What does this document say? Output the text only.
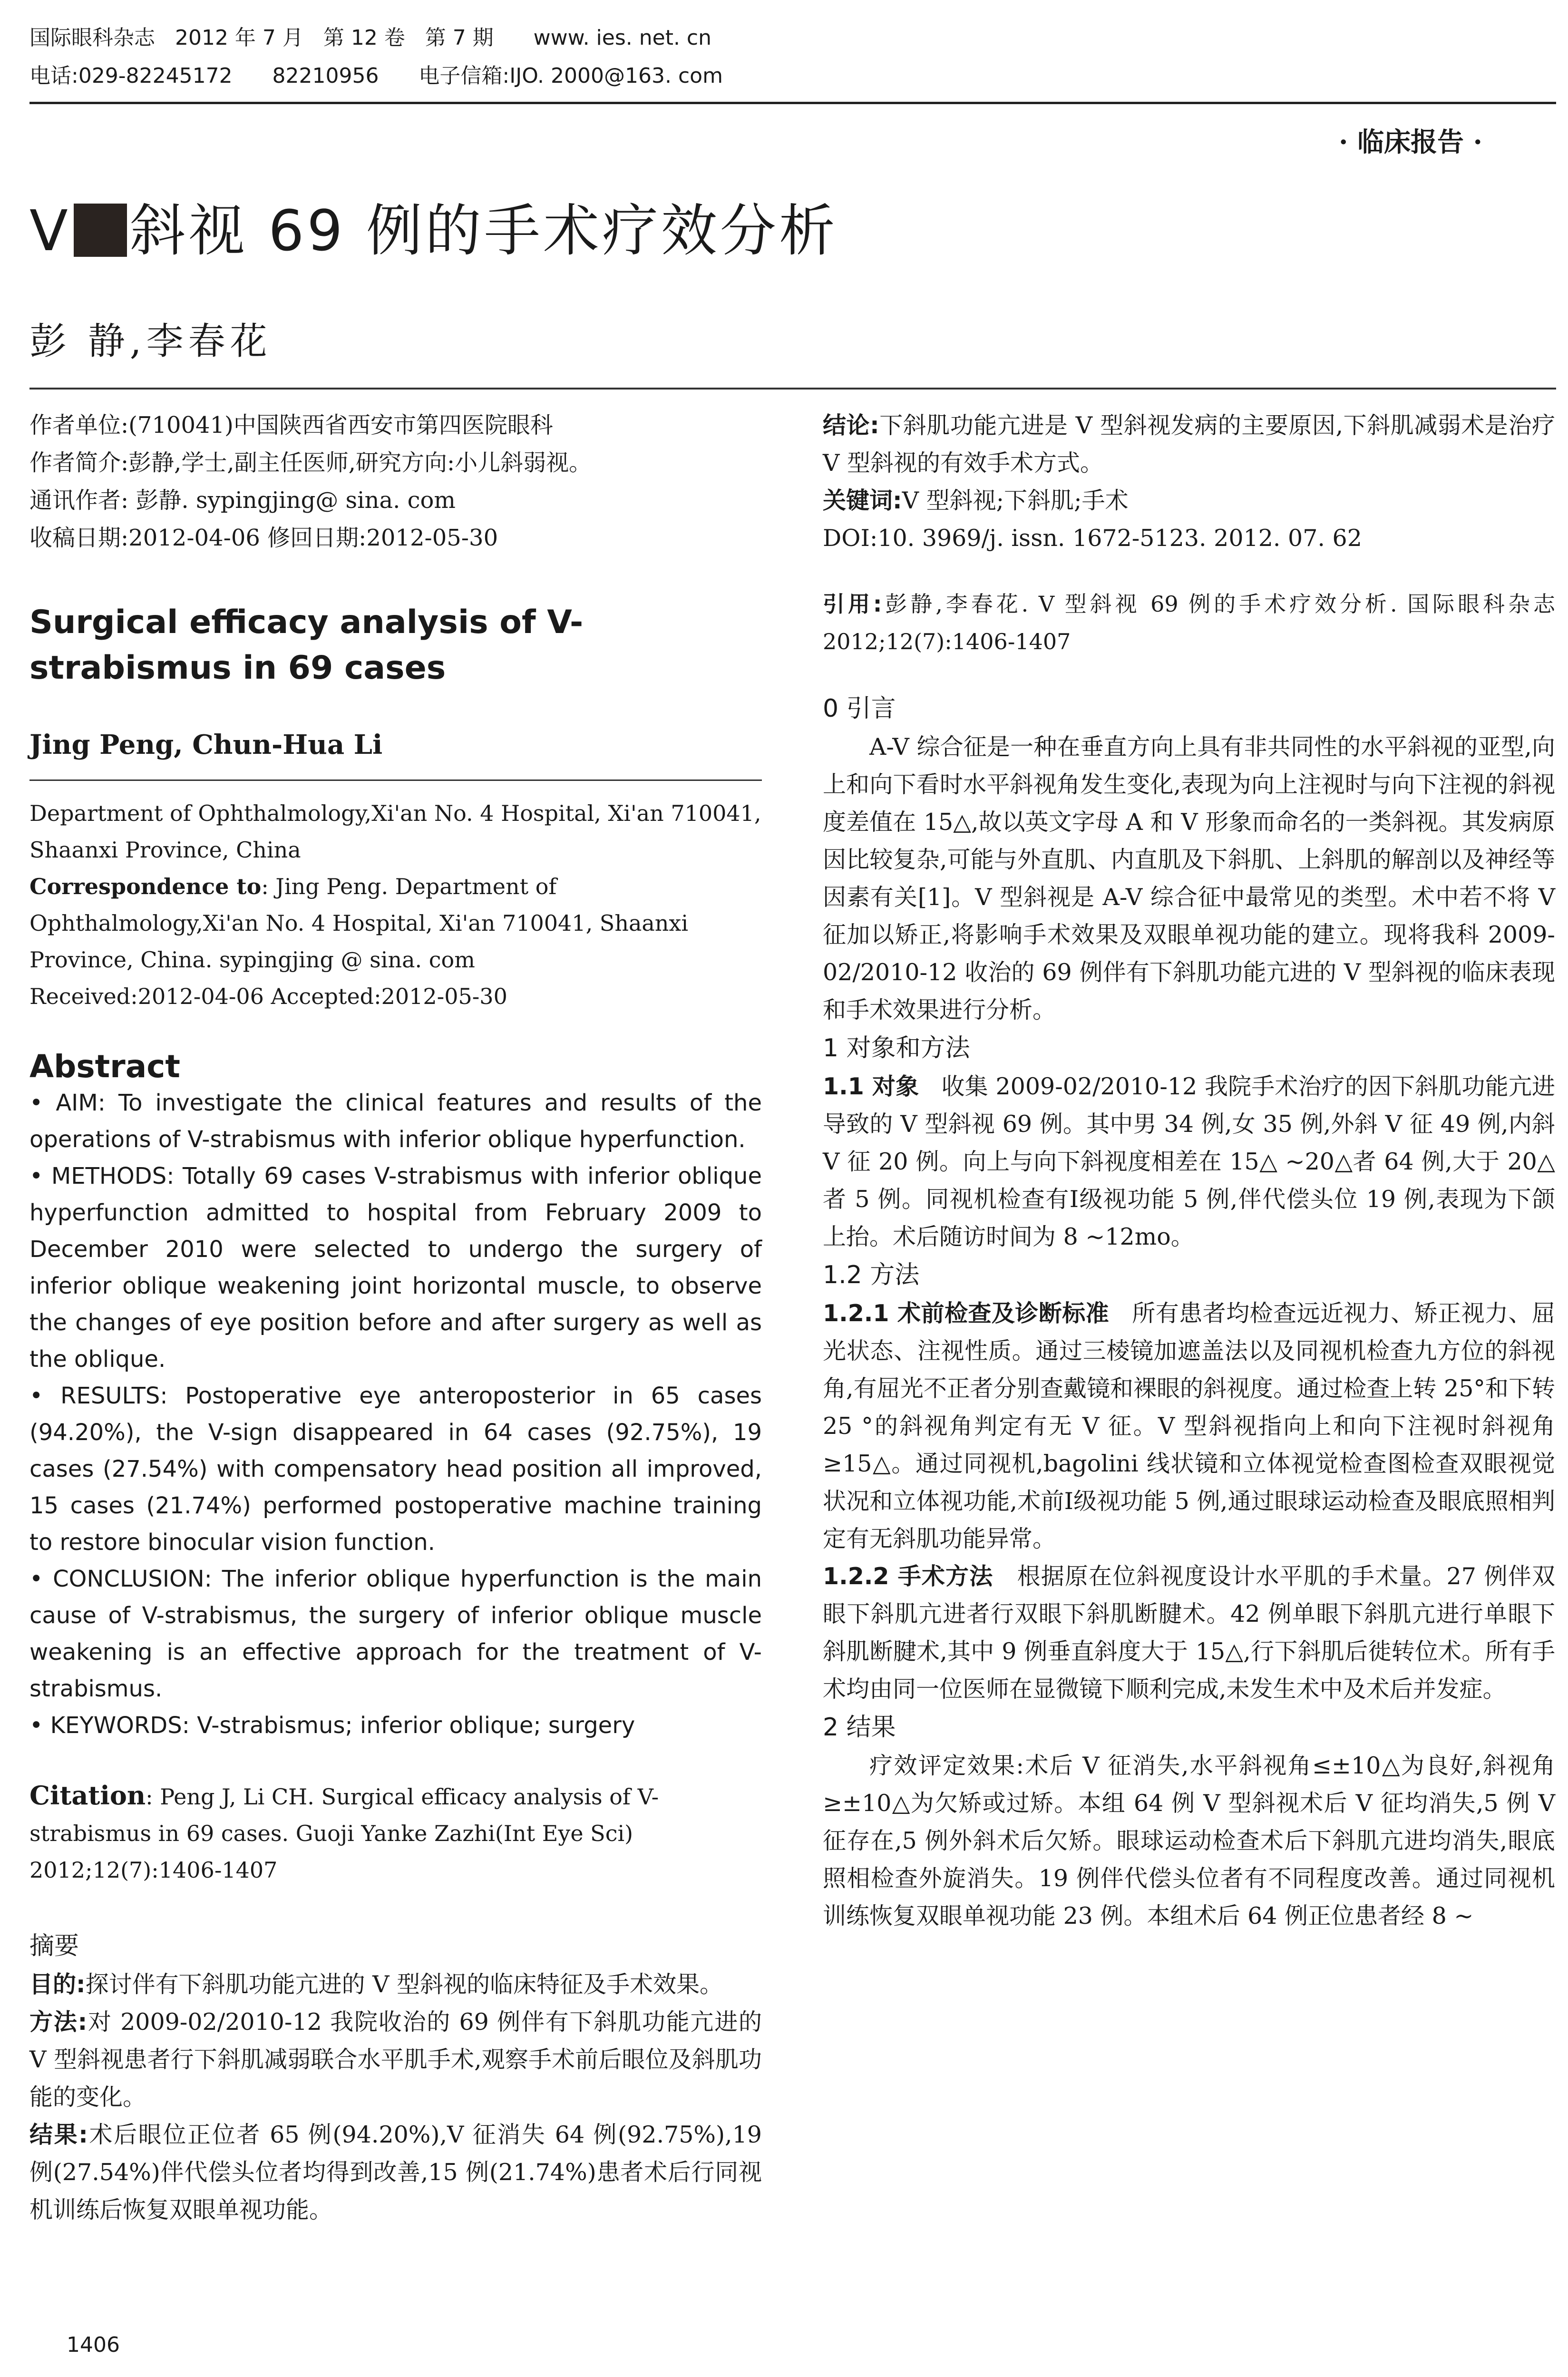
国际眼科杂志   2012 年 7 月   第 12 卷   第 7 期      www. ies. net. cn
电话:029-82245172      82210956      电子信箱:IJO. 2000@163. com
· 临床报告 ·
V 斜视 69 例的手术疗效分析
彭 静,李春花
作者单位:(710041)中国陕西省西安市第四医院眼科
作者简介:彭静,学士,副主任医师,研究方向:小儿斜弱视。
通讯作者: 彭静. sypingjing@ sina. com
收稿日期:2012-04-06 修回日期:2012-05-30

Surgical efficacy analysis of V-strabismus in 69 cases

Jing Peng, Chun-Hua Li

Department of Ophthalmology,Xi'an No. 4 Hospital, Xi'an 710041, Shaanxi Province, China

Correspondence to: Jing Peng. Department of Ophthalmology,Xi'an No. 4 Hospital, Xi'an 710041, Shaanxi Province, China. sypingjing @ sina. com

Received:2012-04-06 Accepted:2012-05-30

Abstract

• AIM: To investigate the clinical features and results of the operations of V-strabismus with inferior oblique hyperfunction.

• METHODS: Totally 69 cases V-strabismus with inferior oblique hyperfunction admitted to hospital from February 2009 to December 2010 were selected to undergo the surgery of inferior oblique weakening joint horizontal muscle, to observe the changes of eye position before and after surgery as well as the oblique.

• RESULTS: Postoperative eye anteroposterior in 65 cases (94.20%), the V-sign disappeared in 64 cases (92.75%), 19 cases (27.54%) with compensatory head position all improved, 15 cases (21.74%) performed postoperative machine training to restore binocular vision function.

• CONCLUSION: The inferior oblique hyperfunction is the main cause of V-strabismus, the surgery of inferior oblique muscle weakening is an effective approach for the treatment of V-strabismus.

• KEYWORDS: V-strabismus; inferior oblique; surgery

Citation: Peng J, Li CH. Surgical efficacy analysis of V-strabismus in 69 cases. Guoji Yanke Zazhi(Int Eye Sci) 2012;12(7):1406-1407

摘要

目的:探讨伴有下斜肌功能亢进的 V 型斜视的临床特征及手术效果。

方法:对 2009-02/2010-12 我院收治的 69 例伴有下斜肌功能亢进的 V 型斜视患者行下斜肌减弱联合水平肌手术,观察手术前后眼位及斜肌功能的变化。

结果:术后眼位正位者 65 例(94.20%),V 征消失 64 例(92.75%),19 例(27.54%)伴代偿头位者均得到改善,15 例(21.74%)患者术后行同视机训练后恢复双眼单视功能。

结论:下斜肌功能亢进是 V 型斜视发病的主要原因,下斜肌减弱术是治疗 V 型斜视的有效手术方式。

关键词:V 型斜视;下斜肌;手术

DOI:10. 3969/j. issn. 1672-5123. 2012. 07. 62

引用:彭静,李春花. V 型斜视 69 例的手术疗效分析. 国际眼科杂志 2012;12(7):1406-1407

0 引言

A-V 综合征是一种在垂直方向上具有非共同性的水平斜视的亚型,向上和向下看时水平斜视角发生变化,表现为向上注视时与向下注视的斜视度差值在 15△,故以英文字母 A 和 V 形象而命名的一类斜视。其发病原因比较复杂,可能与外直肌、内直肌及下斜肌、上斜肌的解剖以及神经等因素有关[1]。V 型斜视是 A-V 综合征中最常见的类型。术中若不将 V 征加以矫正,将影响手术效果及双眼单视功能的建立。现将我科 2009-02/2010-12 收治的 69 例伴有下斜肌功能亢进的 V 型斜视的临床表现和手术效果进行分析。

1 对象和方法

1.1 对象 收集 2009-02/2010-12 我院手术治疗的因下斜肌功能亢进导致的 V 型斜视 69 例。其中男 34 例,女 35 例,外斜 V 征 49 例,内斜 V 征 20 例。向上与向下斜视度相差在 15△ ~20△者 64 例,大于 20△者 5 例。同视机检查有Ⅰ级视功能 5 例,伴代偿头位 19 例,表现为下颌上抬。术后随访时间为 8 ~12mo。

1.2 方法

1.2.1 术前检查及诊断标准 所有患者均检查远近视力、矫正视力、屈光状态、注视性质。通过三棱镜加遮盖法以及同视机检查九方位的斜视角,有屈光不正者分别查戴镜和裸眼的斜视度。通过检查上转 25°和下转 25 °的斜视角判定有无 V 征。V 型斜视指向上和向下注视时斜视角≥15△。通过同视机,bagolini 线状镜和立体视觉检查图检查双眼视觉状况和立体视功能,术前Ⅰ级视功能 5 例,通过眼球运动检查及眼底照相判定有无斜肌功能异常。

1.2.2 手术方法 根据原在位斜视度设计水平肌的手术量。27 例伴双眼下斜肌亢进者行双眼下斜肌断腱术。42 例单眼下斜肌亢进行单眼下斜肌断腱术,其中 9 例垂直斜度大于 15△,行下斜肌后徙转位术。所有手术均由同一位医师在显微镜下顺利完成,未发生术中及术后并发症。

2 结果

疗效评定效果:术后 V 征消失,水平斜视角≤±10△为良好,斜视角≥±10△为欠矫或过矫。本组 64 例 V 型斜视术后 V 征均消失,5 例 V 征存在,5 例外斜术后欠矫。眼球运动检查术后下斜肌亢进均消失,眼底照相检查外旋消失。19 例伴代偿头位者有不同程度改善。通过同视机训练恢复双眼单视功能 23 例。本组术后 64 例正位患者经 8 ~

1406
